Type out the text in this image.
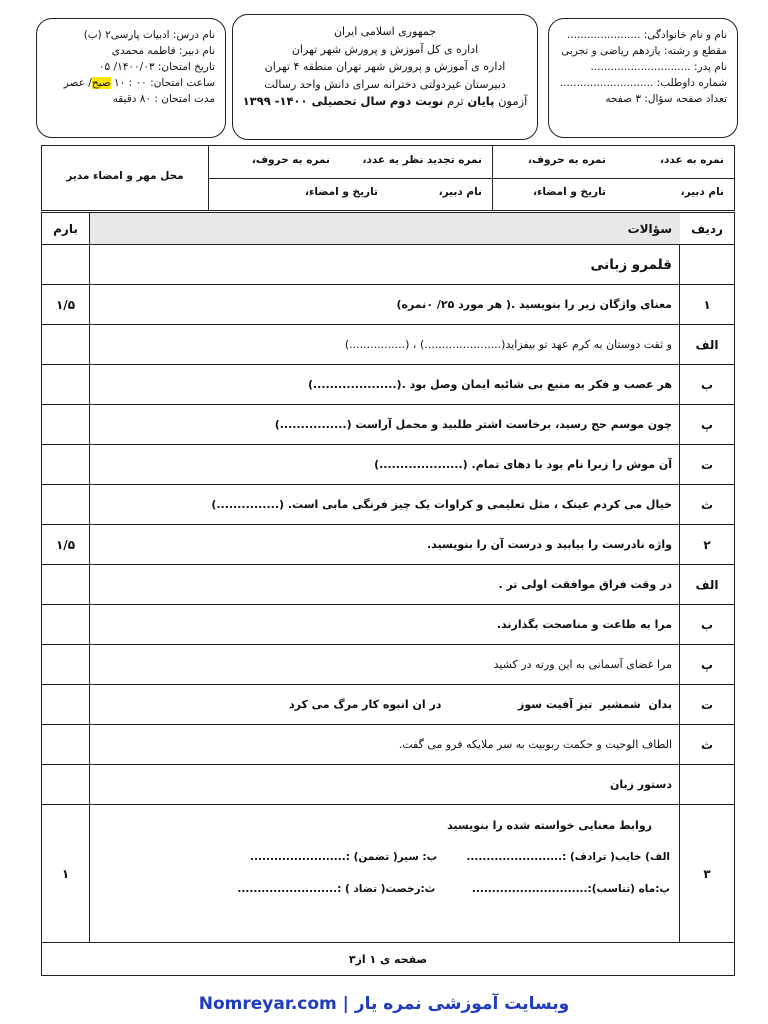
نام و نام خانوادگی: ......................
مقطع و رشته: یازدهم ریاضی و تجربی
نام پدر: ..............................
شماره داوطلب: ............................
تعداد صفحه سؤال: ۳ صفحه
جمهوری اسلامی ایران
اداره ی کل آموزش و پرورش شهر تهران
اداره ی آموزش و پرورش شهر تهران منطقه ۴ تهران
دبیرستان غیردولتی دخترانه سرای دانش واحد رسالت
آزمون پایان ترم نوبت دوم سال تحصیلی ۱۴۰۰- ۱۳۹۹
نام درس: ادبیات پارسی۲ (ب)
نام دبیر: فاطمه محمدی
تاریخ امتحان: ۱۴۰۰/۰۳/ ۰۵
ساعت امتحان: ۰۰ : ۱۰ صبح/ عصر
مدت امتحان : ۸۰ دقیقه
نمره به عدد،
نمره به حروف،
نام دبیر،
تاریخ و امضاء،
نمره تجدید نظر به عدد،
نمره به حروف،
نام دبیر،
تاریخ و امضاء،
محل مهر و امضاء مدیر
ردیف
سؤالات
بارم
قلمرو زبانی
۱
معنای واژگان زیر را بنویسید .( هر مورد ۲۵/ ۰نمره)
۱/۵
الف
و ثقت دوستان به کرم عهد تو بیفزاید(......................) ، (................)
ب
هر عصب و فکر به منبع بی شائبه ایمان وصل بود .(....................)
پ
چون موسم حج رسید، برخاست اشتر طلبید و محمل آراست (................)
ت
آن موش را زبرا نام بود با دهای تمام. (....................)
ث
خیال می کردم عینک ، مثل تعلیمی و کراوات یک چیز فرنگی مابی است. (...............)
۲
واژه نادرست را بیابید و درست آن را بنویسید.
۱/۵
الف
در وقت فراق موافقت اولی تر .
ب
مرا به طاعت و مناصحت بگذارند.
پ
مرا غضای آسمانی به این ورته در کشید
ت
بدان  شمشیر  تیز آفیت سوز                    در ان انبوه کار مرگ می کرد
ث
الطاف الوحیت و حکمت ربوبیت به سر ملایکه فرو می گفت.
دستور زبان
۳
روابط معنایی خواسته شده را بنویسید
الف) خایب( ترادف) :........................        ب: سیر( تضمن) :........................
پ:ماه (تناسب):.............................          ث:رخصت( تضاد ) :.........................
۱
صفحه ی ۱ از۳
Nomreyar.com | وبسایت آموزشی نمره یار
